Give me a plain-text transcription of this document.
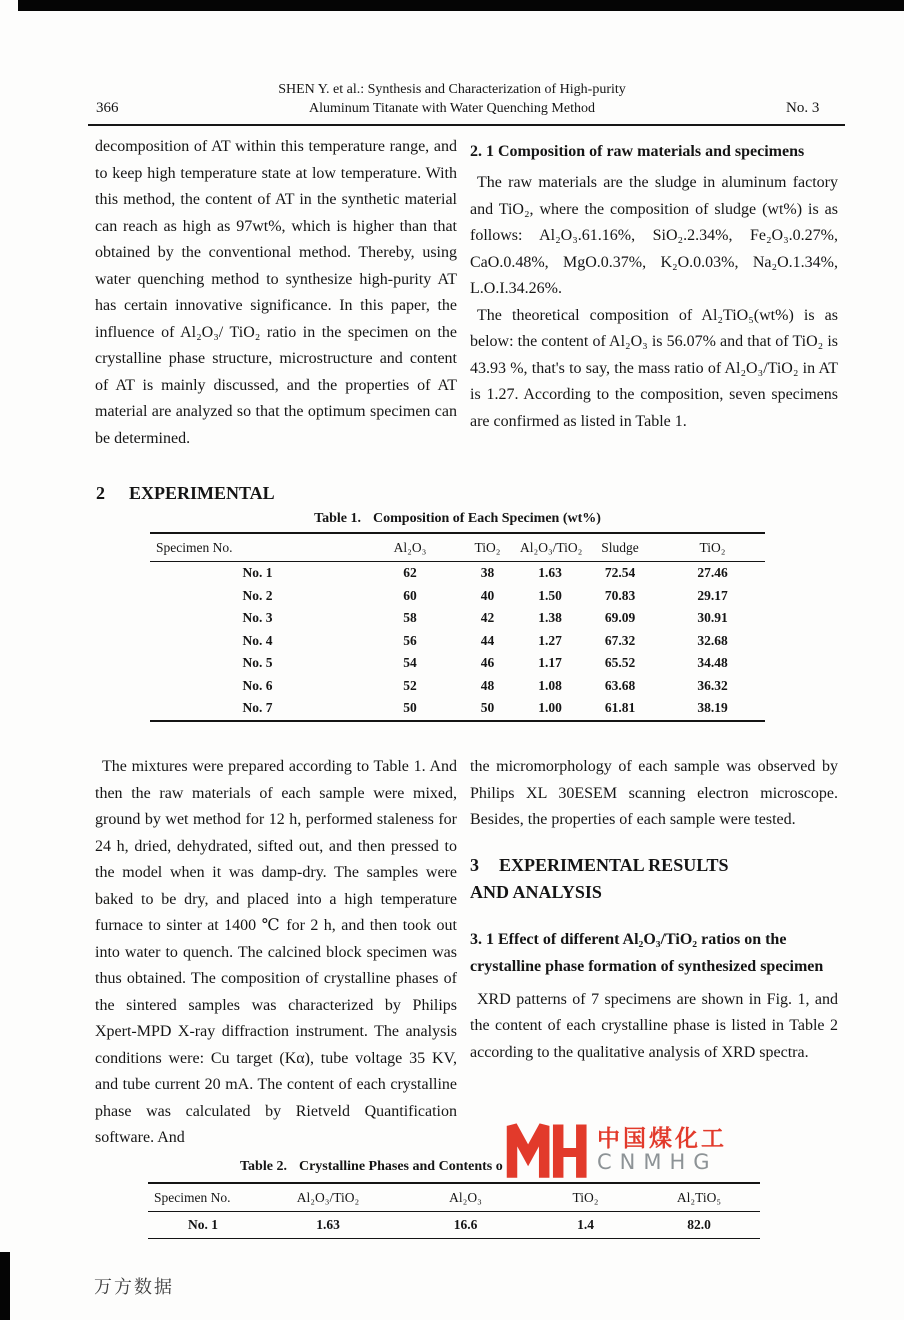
366
SHEN Y. et al.: Synthesis and Characterization of High-purity
Aluminum Titanate with Water Quenching Method	No. 3

decomposition of AT within this temperature range, and to keep high temperature state at low temperature. With this method, the content of AT in the synthetic material can reach as high as 97wt%, which is higher than that obtained by the conventional method. Thereby, using water quenching method to synthesize high-purity AT has certain innovative significance. In this paper, the influence of Al₂O₃/ TiO₂ ratio in the specimen on the crystalline phase structure, microstructure and content of AT is mainly discussed, and the properties of AT material are analyzed so that the optimum specimen can be determined.

2. 1 Composition of raw materials and specimens

The raw materials are the sludge in aluminum factory and TiO₂, where the composition of sludge (wt%) is as follows: Al₂O₃.61.16%, SiO₂.2.34%, Fe₂O₃.0.27%, CaO.0.48%, MgO.0.37%, K₂O.0.03%, Na₂O.1.34%, L.O.I.34.26%.

The theoretical composition of Al₂TiO₅(wt%) is as below: the content of Al₂O₃ is 56.07% and that of TiO₂ is 43.93 %, that's to say, the mass ratio of Al₂O₃/TiO₂ in AT is 1.27. According to the composition, seven specimens are confirmed as listed in Table 1.

2 EXPERIMENTAL
Table 1. Composition of Each Specimen (wt%)
Specimen No.	Al₂O₃	TiO₂	Al₂O₃/TiO₂	Sludge	TiO₂
No. 1	62	38	1.63	72.54	27.46
No. 2	60	40	1.50	70.83	29.17
No. 3	58	42	1.38	69.09	30.91
No. 4	56	44	1.27	67.32	32.68
No. 5	54	46	1.17	65.52	34.48
No. 6	52	48	1.08	63.68	36.32
No. 7	50	50	1.00	61.81	38.19

The mixtures were prepared according to Table 1. And then the raw materials of each sample were mixed, ground by wet method for 12 h, performed staleness for 24 h, dried, dehydrated, sifted out, and then pressed to the model when it was damp-dry. The samples were baked to be dry, and placed into a high temperature furnace to sinter at 1400 ℃ for 2 h, and then took out into water to quench. The calcined block specimen was thus obtained. The composition of crystalline phases of the sintered samples was characterized by Philips Xpert-MPD X-ray diffraction instrument. The analysis conditions were: Cu target (Kα), tube voltage 35 KV, and tube current 20 mA. The content of each crystalline phase was calculated by Rietveld Quantification software. And

the micromorphology of each sample was observed by Philips XL 30ESEM scanning electron microscope. Besides, the properties of each sample were tested.

3 EXPERIMENTAL RESULTS
AND ANALYSIS
3. 1 Effect of different Al₂O₃/TiO₂ ratios on the crystalline phase formation of synthesized specimen

XRD patterns of 7 specimens are shown in Fig. 1, and the content of each crystalline phase is listed in Table 2 according to the qualitative analysis of XRD spectra.

Table 2. Crystalline Phases and Contents o
中国煤化工
CNMHG
Specimen No.	Al₂O₃/TiO₂	Al₂O₃	TiO₂	Al₂TiO₅
No. 1	1.63	16.6	1.4	82.0
万方数据
